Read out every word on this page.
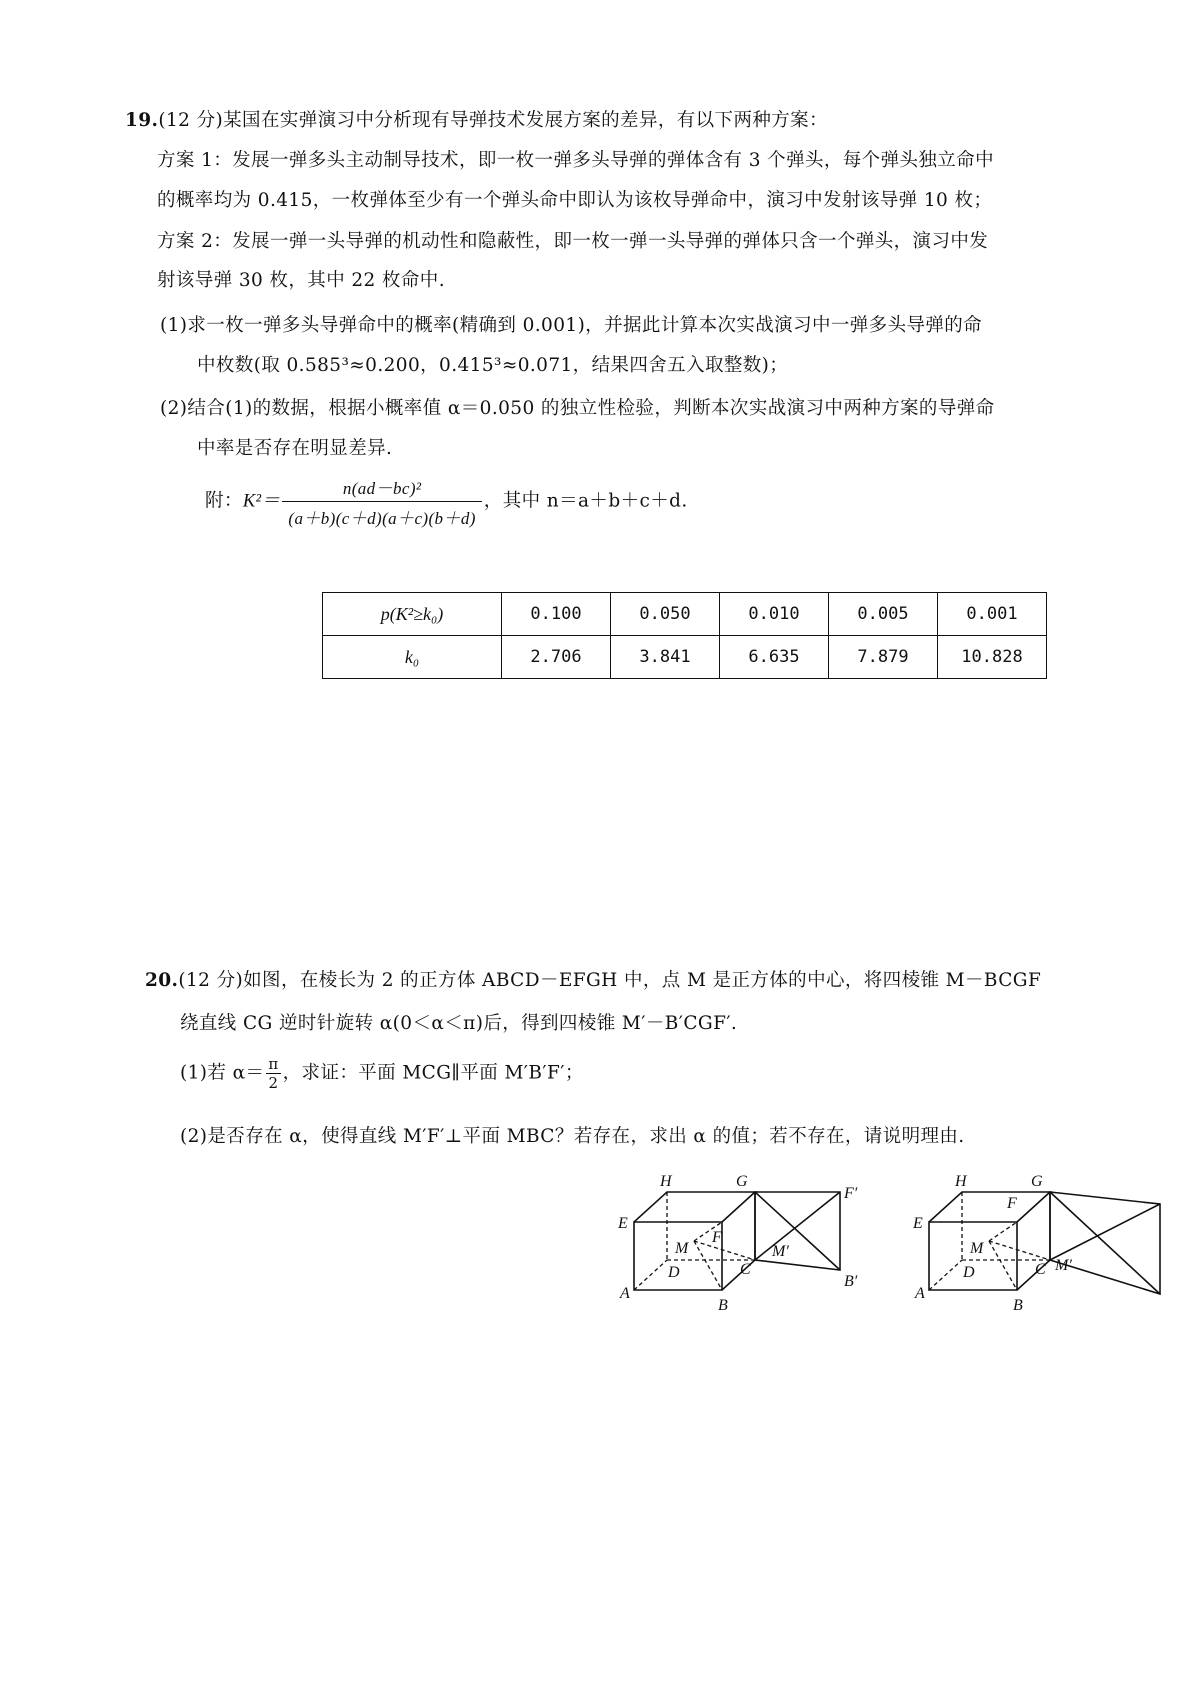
19.(12 分)某国在实弹演习中分析现有导弹技术发展方案的差异，有以下两种方案：
方案 1：发展一弹多头主动制导技术，即一枚一弹多头导弹的弹体含有 3 个弹头，每个弹头独立命中
的概率均为 0.415，一枚弹体至少有一个弹头命中即认为该枚导弹命中，演习中发射该导弹 10 枚；
方案 2：发展一弹一头导弹的机动性和隐蔽性，即一枚一弹一头导弹的弹体只含一个弹头，演习中发
射该导弹 30 枚，其中 22 枚命中.
(1)求一枚一弹多头导弹命中的概率(精确到 0.001)，并据此计算本次实战演习中一弹多头导弹的命
中枚数(取 0.585³≈0.200，0.415³≈0.071，结果四舍五入取整数)；
(2)结合(1)的数据，根据小概率值 α＝0.050 的独立性检验，判断本次实战演习中两种方案的导弹命
中率是否存在明显差异.
附：$K^2= \frac{\text{n(ad－bc)²}}{(a+b)(c+d)(a+c)(b+d)}$ ，其中 n＝a＋b＋c＋d.
p(K²≥k₀)	0.100	0.050	0.010	0.005	0.001
k₀	2.706	3.841	6.635	7.879	10.828
20.(12 分)如图，在棱长为 2 的正方体 ABCD－EFGH 中，点 M 是正方体的中心，将四棱锥 M－BCGF
绕直线 CG 逆时针旋转 α(0＜α＜π)后，得到四棱锥 M′－B′CGF′.
(1)若 $\alpha= \frac{\pi}{2}$ ，求证：平面 MCG∥平面 M′B′F′；
(2)是否存在 α，使得直线 M′F′⊥平面 MBC？若存在，求出 α 的值；若不存在，请说明理由.
A
B
C
D
E
F
G
H
M	M′
B′
F′
A
B
C
D
E
F
G
H
M
M′
